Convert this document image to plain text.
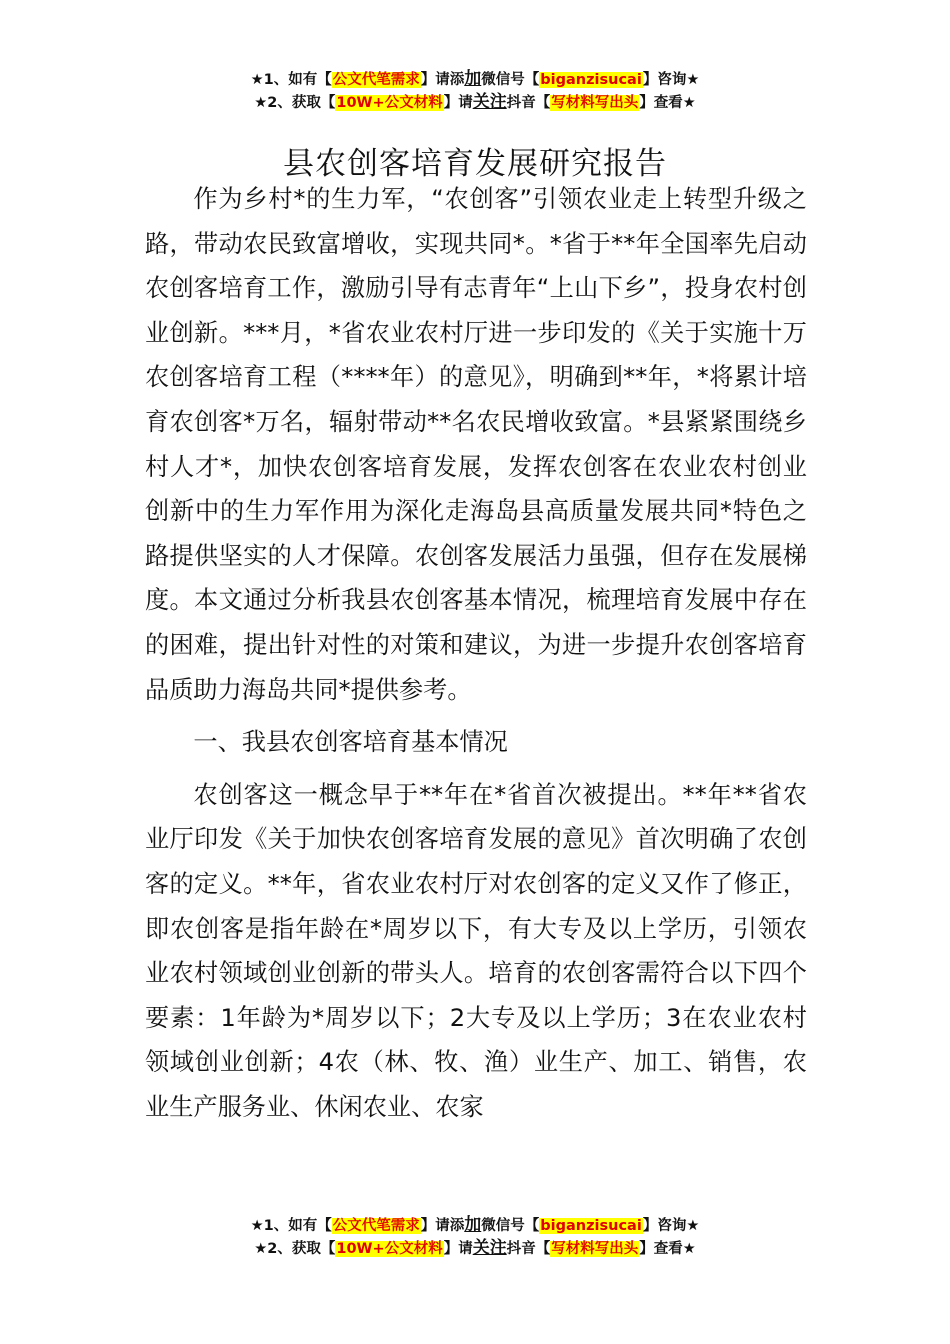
★1、如有【公文代笔需求】请添加微信号【biganzisucai】咨询★
★2、获取【10W+公文材料】请关注抖音【写材料写出头】查看★
县农创客培育发展研究报告

作为乡村*的生力军，“农创客”引领农业走上转型升级之路，带动农民致富增收，实现共同*。*省于**年全国率先启动农创客培育工作，激励引导有志青年“上山下乡”，投身农村创业创新。***月，*省农业农村厅进一步印发的《关于实施十万农创客培育工程（****年）的意见》，明确到**年，*将累计培育农创客*万名，辐射带动**名农民增收致富。*县紧紧围绕乡村人才*，加快农创客培育发展，发挥农创客在农业农村创业创新中的生力军作用为深化走海岛县高质量发展共同*特色之路提供坚实的人才保障。农创客发展活力虽强，但存在发展梯度。本文通过分析我县农创客基本情况，梳理培育发展中存在的困难，提出针对性的对策和建议，为进一步提升农创客培育品质助力海岛共同*提供参考。

一、我县农创客培育基本情况

农创客这一概念早于**年在*省首次被提出。**年**省农业厅印发《关于加快农创客培育发展的意见》首次明确了农创客的定义。**年，省农业农村厅对农创客的定义又作了修正，即农创客是指年龄在*周岁以下，有大专及以上学历，引领农业农村领域创业创新的带头人。培育的农创客需符合以下四个要素：1年龄为*周岁以下；2大专及以上学历；3在农业农村领域创业创新；4农（林、牧、渔）业生产、加工、销售，农业生产服务业、休闲农业、农家

★1、如有【公文代笔需求】请添加微信号【biganzisucai】咨询★
★2、获取【10W+公文材料】请关注抖音【写材料写出头】查看★
